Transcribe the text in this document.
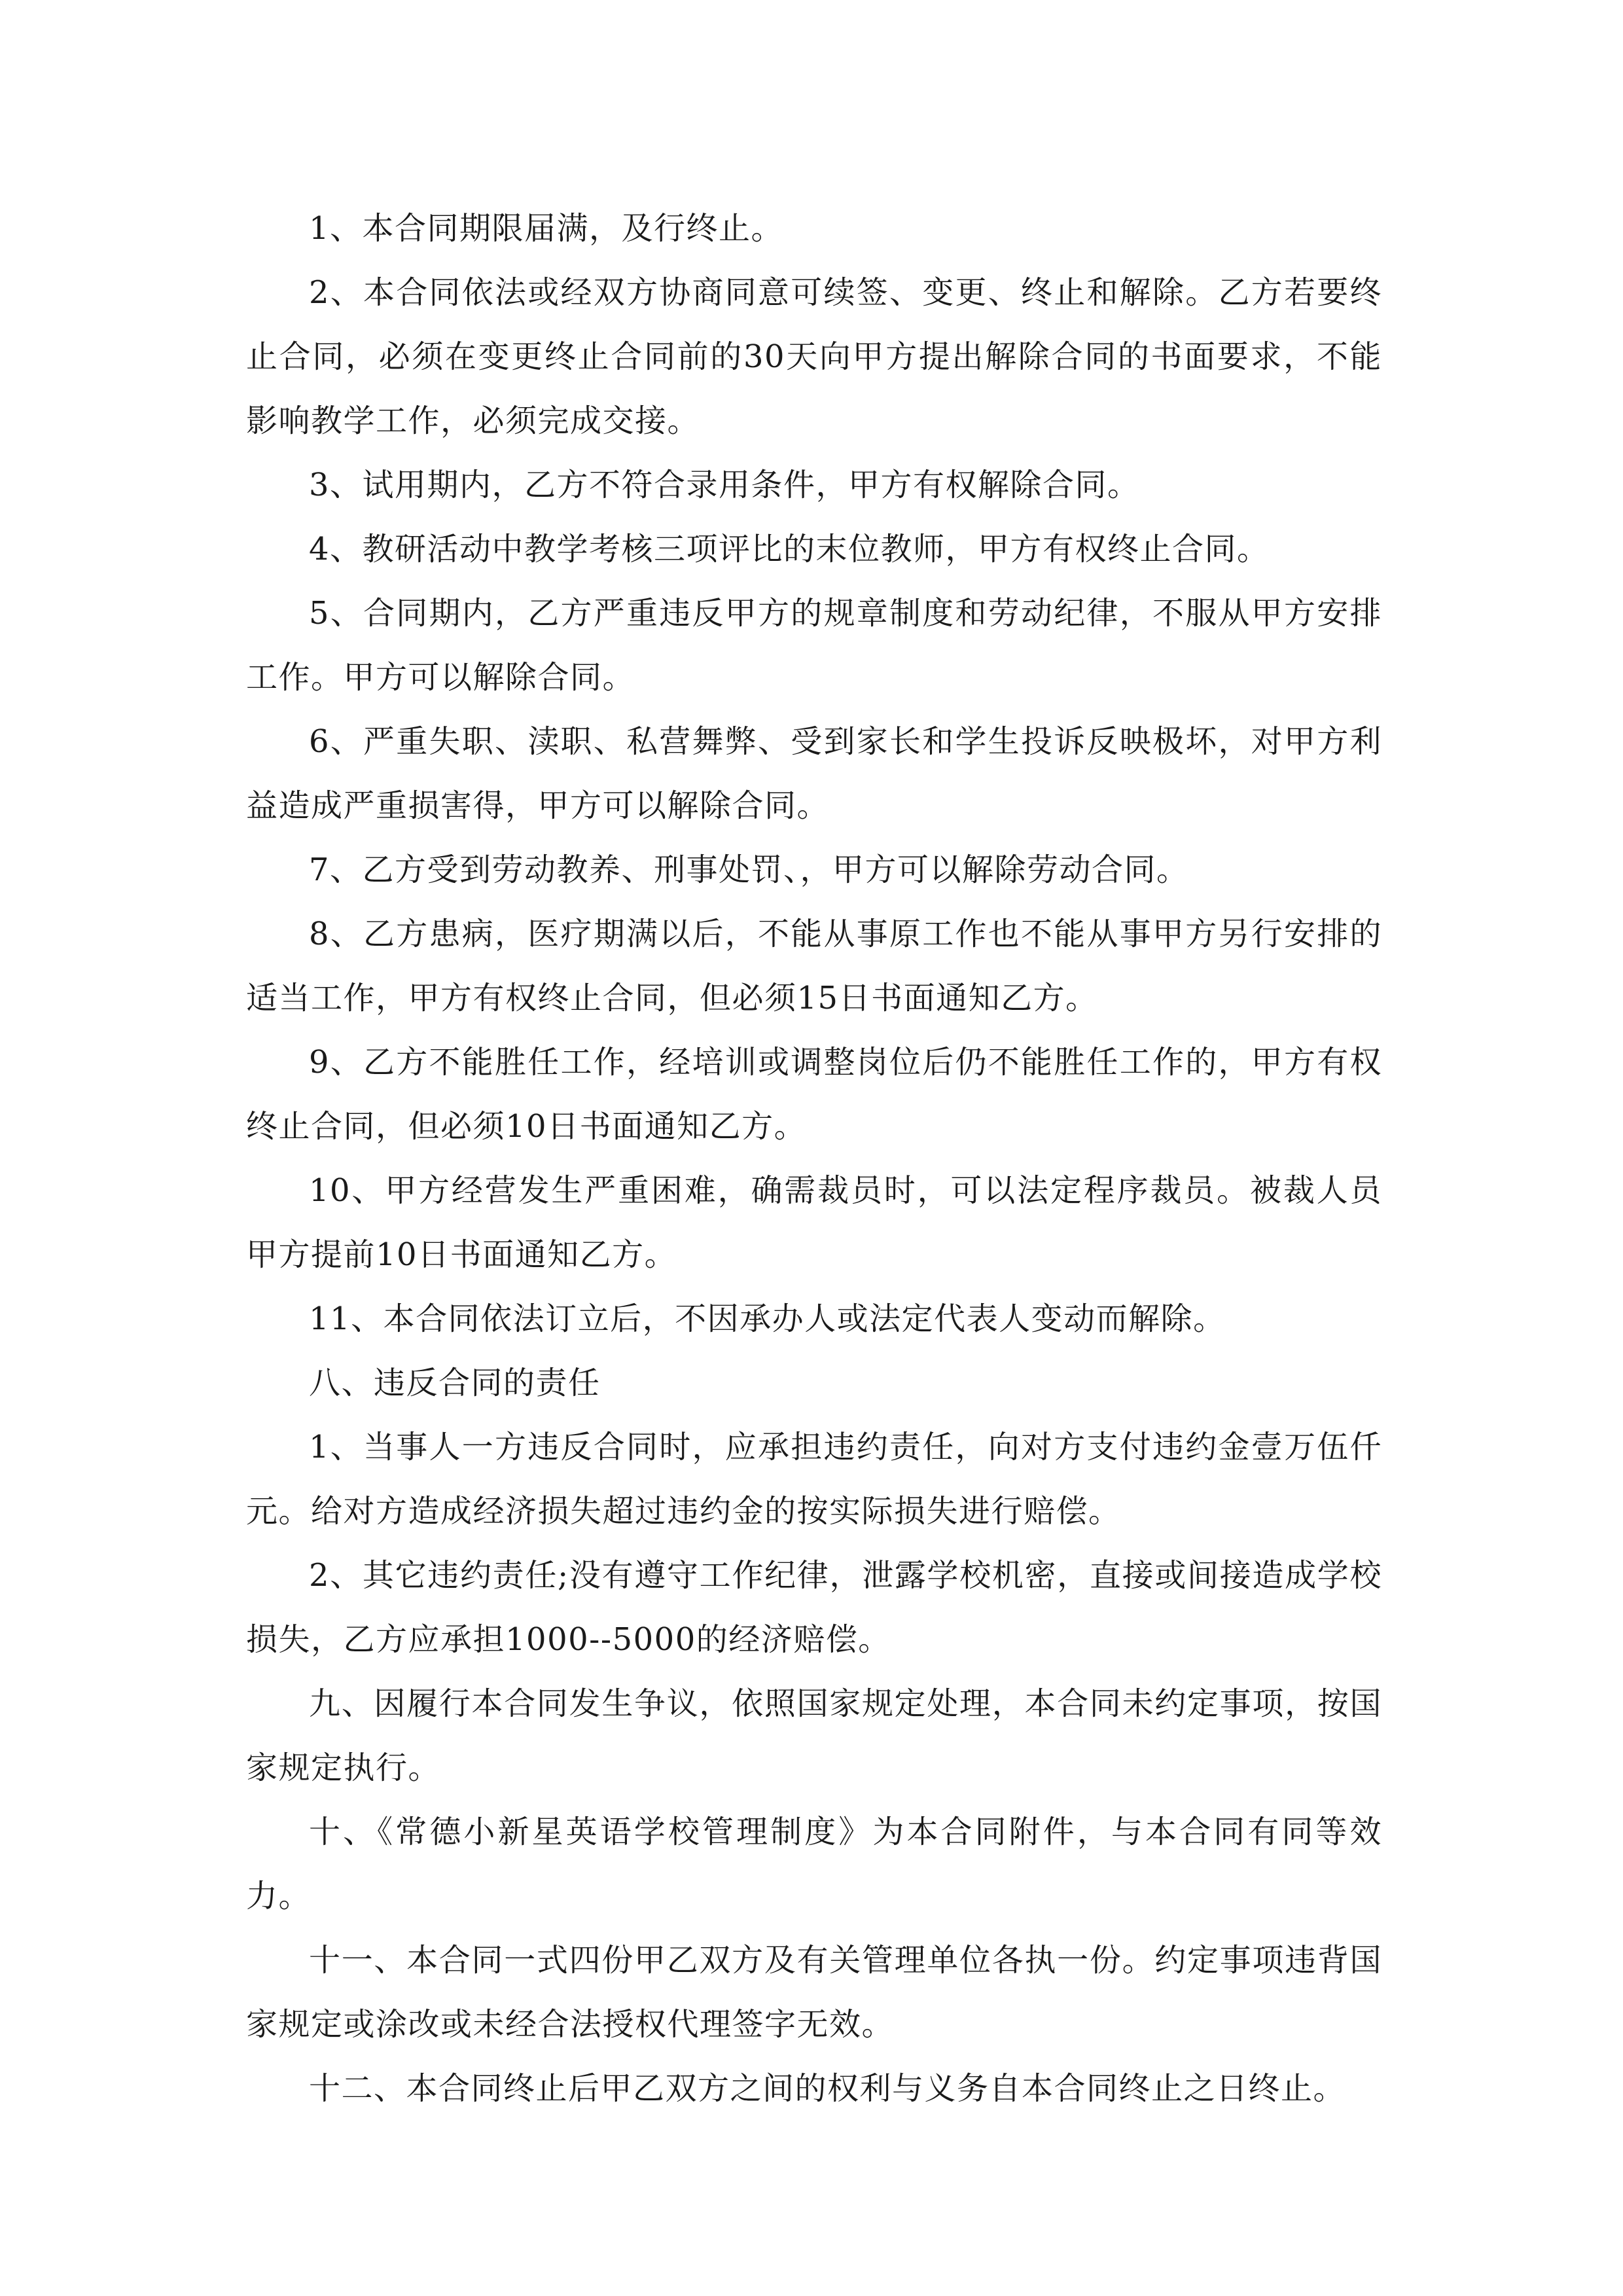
1、本合同期限届满，及行终止。

2、本合同依法或经双方协商同意可续签、变更、终止和解除。乙方若要终止合同，必须在变更终止合同前的30天向甲方提出解除合同的书面要求，不能影响教学工作，必须完成交接。

3、试用期内，乙方不符合录用条件，甲方有权解除合同。

4、教研活动中教学考核三项评比的末位教师，甲方有权终止合同。

5、合同期内，乙方严重违反甲方的规章制度和劳动纪律，不服从甲方安排工作。甲方可以解除合同。

6、严重失职、渎职、私营舞弊、受到家长和学生投诉反映极坏，对甲方利益造成严重损害得，甲方可以解除合同。

7、乙方受到劳动教养、刑事处罚、，甲方可以解除劳动合同。

8、乙方患病，医疗期满以后，不能从事原工作也不能从事甲方另行安排的适当工作，甲方有权终止合同，但必须15日书面通知乙方。

9、乙方不能胜任工作，经培训或调整岗位后仍不能胜任工作的，甲方有权终止合同，但必须10日书面通知乙方。

10、甲方经营发生严重困难，确需裁员时，可以法定程序裁员。被裁人员甲方提前10日书面通知乙方。

11、本合同依法订立后，不因承办人或法定代表人变动而解除。

八、违反合同的责任

1、当事人一方违反合同时，应承担违约责任，向对方支付违约金壹万伍仟元。给对方造成经济损失超过违约金的按实际损失进行赔偿。

2、其它违约责任;没有遵守工作纪律，泄露学校机密，直接或间接造成学校损失，乙方应承担1000--5000的经济赔偿。

九、因履行本合同发生争议，依照国家规定处理，本合同未约定事项，按国家规定执行。

十、《常德小新星英语学校管理制度》为本合同附件，与本合同有同等效力。

十一、本合同一式四份甲乙双方及有关管理单位各执一份。约定事项违背国家规定或涂改或未经合法授权代理签字无效。

十二、本合同终止后甲乙双方之间的权利与义务自本合同终止之日终止。
